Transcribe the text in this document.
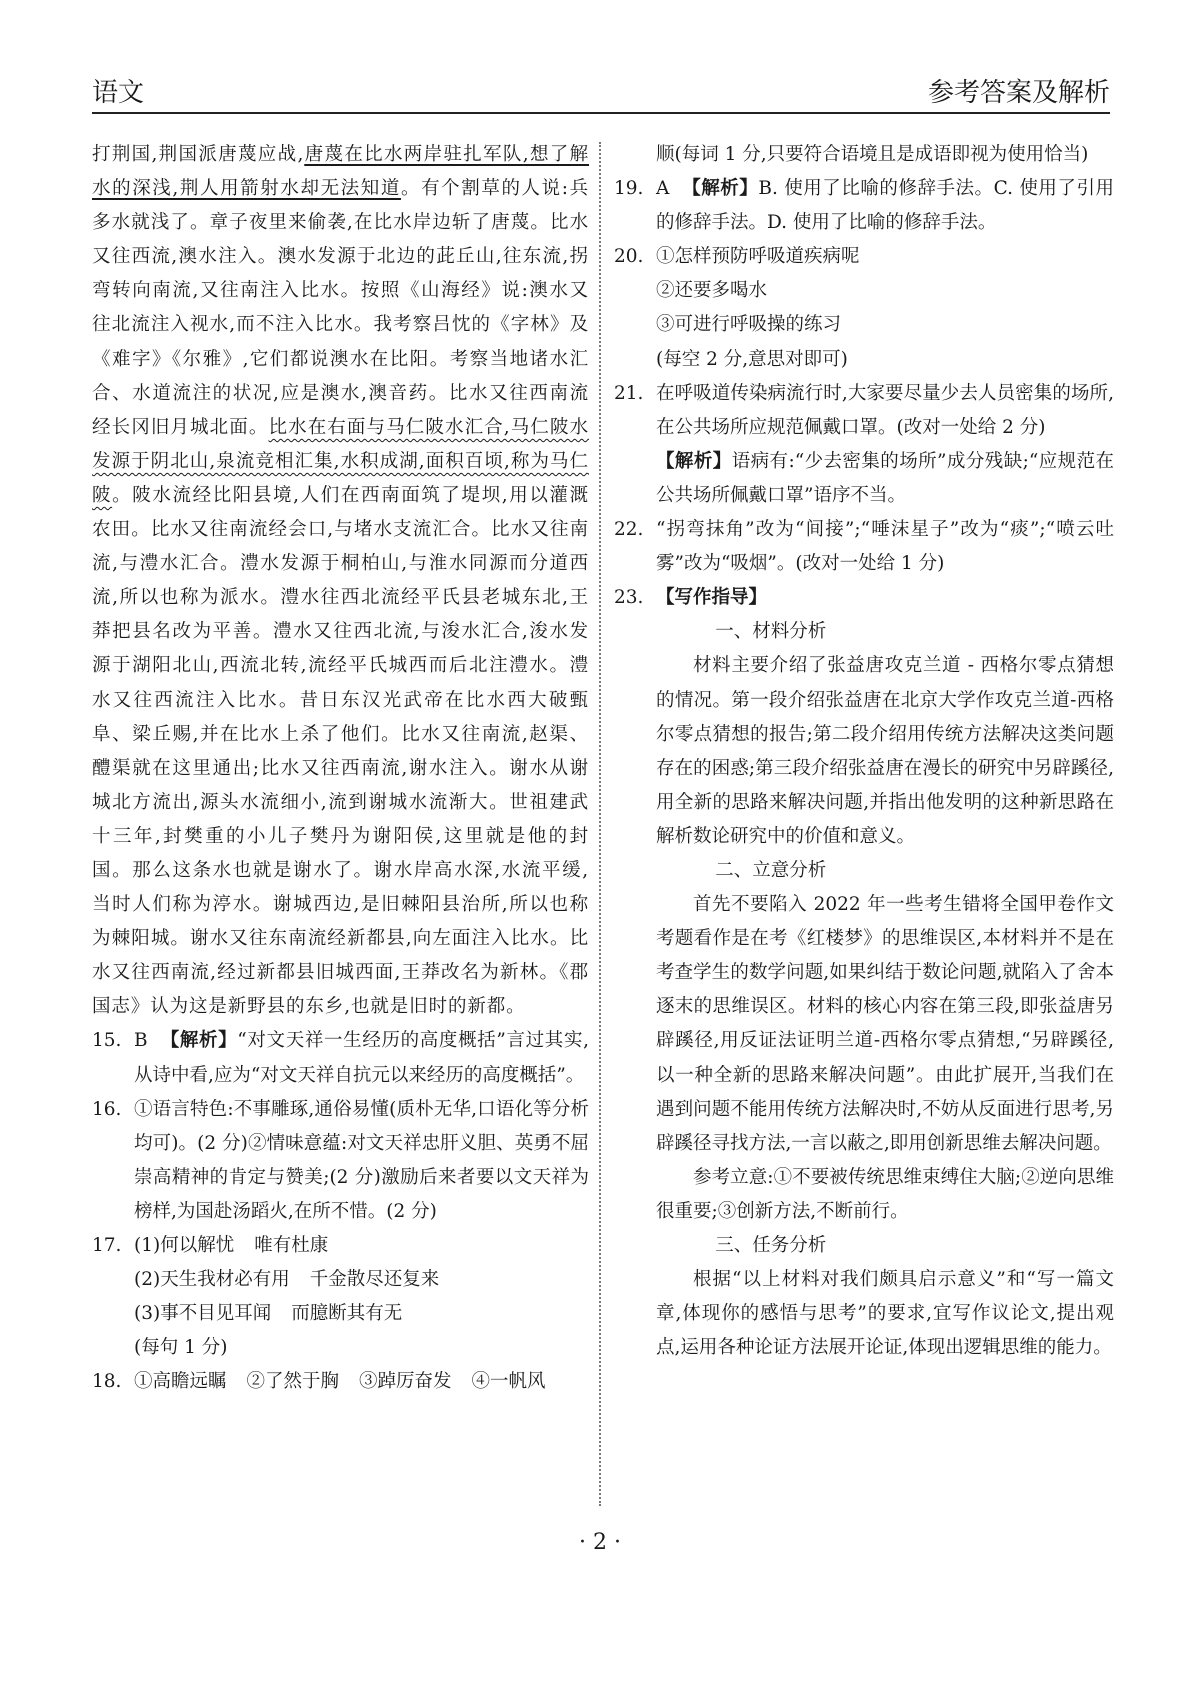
语文	参考答案及解析

打荆国,荆国派唐蔑应战,唐蔑在比水两岸驻扎军队,想了解水的深浅,荆人用箭射水却无法知道。有个割草的人说:兵多水就浅了。章子夜里来偷袭,在比水岸边斩了唐蔑。比水又往西流,澳水注入。澳水发源于北边的茈丘山,往东流,拐弯转向南流,又往南注入比水。按照《山海经》说:澳水又往北流注入视水,而不注入比水。我考察吕忱的《字林》及《难字》《尔雅》,它们都说澳水在比阳。考察当地诸水汇合、水道流注的状况,应是澳水,澳音药。比水又往西南流经长冈旧月城北面。比水在右面与马仁陂水汇合,马仁陂水发源于阴北山,泉流竞相汇集,水积成湖,面积百顷,称为马仁陂。陂水流经比阳县境,人们在西南面筑了堤坝,用以灌溉农田。比水又往南流经会口,与堵水支流汇合。比水又往南流,与澧水汇合。澧水发源于桐柏山,与淮水同源而分道西流,所以也称为派水。澧水往西北流经平氏县老城东北,王莽把县名改为平善。澧水又往西北流,与浚水汇合,浚水发源于湖阳北山,西流北转,流经平氏城西而后北注澧水。澧水又往西流注入比水。昔日东汉光武帝在比水西大破甄阜、梁丘赐,并在比水上杀了他们。比水又往南流,赵渠、醴渠就在这里通出;比水又往西南流,谢水注入。谢水从谢城北方流出,源头水流细小,流到谢城水流渐大。世祖建武十三年,封樊重的小儿子樊丹为谢阳侯,这里就是他的封国。那么这条水也就是谢水了。谢水岸高水深,水流平缓,当时人们称为渟水。谢城西边,是旧棘阳县治所,所以也称为棘阳城。谢水又往东南流经新都县,向左面注入比水。比水又往西南流,经过新都县旧城西面,王莽改名为新林。《郡国志》认为这是新野县的东乡,也就是旧时的新都。

15. B 【解析】“对文天祥一生经历的高度概括”言过其实,从诗中看,应为“对文天祥自抗元以来经历的高度概括”。

16. ①语言特色:不事雕琢,通俗易懂(质朴无华,口语化等分析均可)。(2 分)②情味意蕴:对文天祥忠肝义胆、英勇不屈崇高精神的肯定与赞美;(2 分)激励后来者要以文天祥为榜样,为国赴汤蹈火,在所不惜。(2 分)

17. (1)何以解忧 唯有杜康

(2)天生我材必有用 千金散尽还复来

(3)事不目见耳闻 而臆断其有无

(每句 1 分)

18. ①高瞻远瞩 ②了然于胸 ③踔厉奋发 ④一帆风

顺(每词 1 分,只要符合语境且是成语即视为使用恰当)

19. A 【解析】B. 使用了比喻的修辞手法。C. 使用了引用的修辞手法。D. 使用了比喻的修辞手法。

20. ①怎样预防呼吸道疾病呢

②还要多喝水

③可进行呼吸操的练习

(每空 2 分,意思对即可)

21. 在呼吸道传染病流行时,大家要尽量少去人员密集的场所,在公共场所应规范佩戴口罩。(改对一处给 2 分)

【解析】语病有:“少去密集的场所”成分残缺;“应规范在公共场所佩戴口罩”语序不当。

22. “拐弯抹角”改为“间接”;“唾沫星子”改为“痰”;“喷云吐雾”改为“吸烟”。(改对一处给 1 分)

23. 【写作指导】

一、材料分析

材料主要介绍了张益唐攻克兰道 - 西格尔零点猜想的情况。第一段介绍张益唐在北京大学作攻克兰道-西格尔零点猜想的报告;第二段介绍用传统方法解决这类问题存在的困惑;第三段介绍张益唐在漫长的研究中另辟蹊径,用全新的思路来解决问题,并指出他发明的这种新思路在解析数论研究中的价值和意义。

二、立意分析

首先不要陷入 2022 年一些考生错将全国甲卷作文考题看作是在考《红楼梦》的思维误区,本材料并不是在考查学生的数学问题,如果纠结于数论问题,就陷入了舍本逐末的思维误区。材料的核心内容在第三段,即张益唐另辟蹊径,用反证法证明兰道-西格尔零点猜想,“另辟蹊径,以一种全新的思路来解决问题”。由此扩展开,当我们在遇到问题不能用传统方法解决时,不妨从反面进行思考,另辟蹊径寻找方法,一言以蔽之,即用创新思维去解决问题。

参考立意:①不要被传统思维束缚住大脑;②逆向思维很重要;③创新方法,不断前行。

三、任务分析

根据“以上材料对我们颇具启示意义”和“写一篇文章,体现你的感悟与思考”的要求,宜写作议论文,提出观点,运用各种论证方法展开论证,体现出逻辑思维的能力。

· 2 ·
